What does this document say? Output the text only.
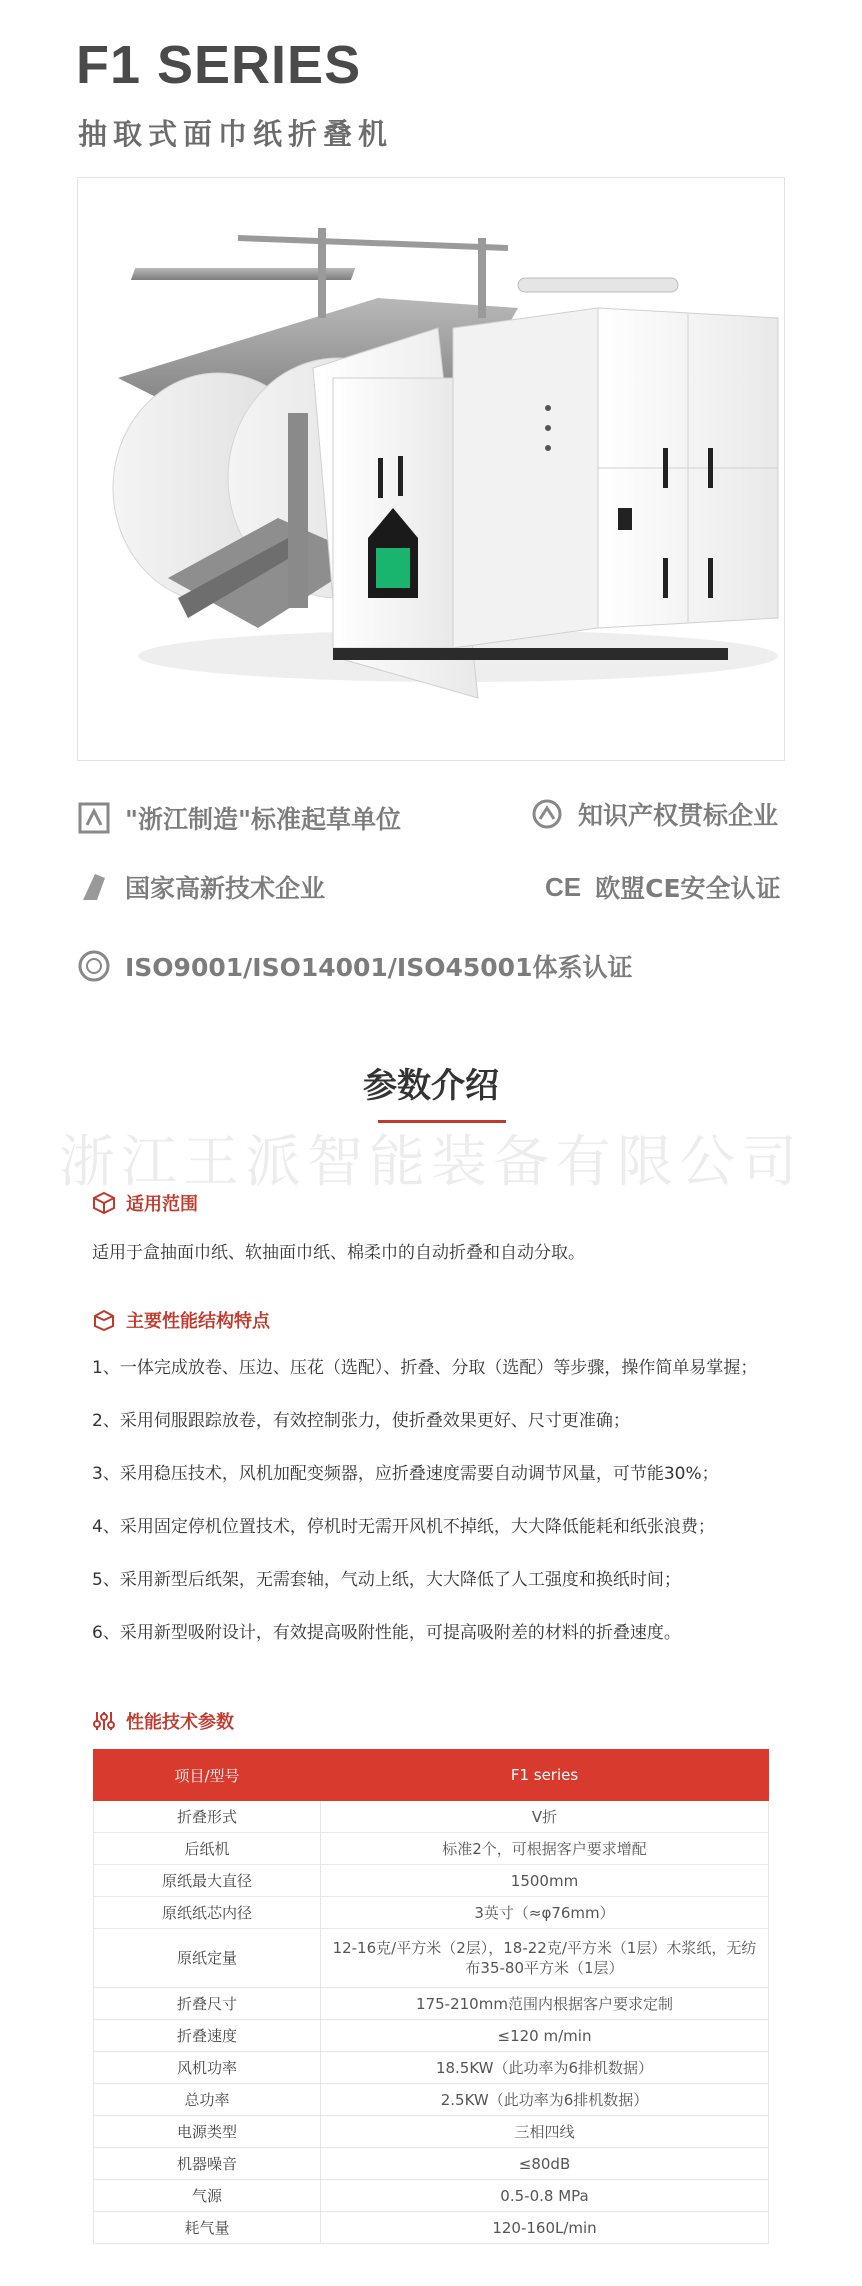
F1 SERIES
抽取式面巾纸折叠机
"浙江制造"标准起草单位	知识产权贯标企业
国家高新技术企业	CE 欧盟CE安全认证
ISO9001/ISO14001/ISO45001体系认证
参数介绍
浙江王派智能装备有限公司
适用范围
适用于盒抽面巾纸、软抽面巾纸、棉柔巾的自动折叠和自动分取。
主要性能结构特点
1、一体完成放卷、压边、压花（选配）、折叠、分取（选配）等步骤，操作简单易掌握；
2、采用伺服跟踪放卷，有效控制张力，使折叠效果更好、尺寸更准确；
3、采用稳压技术，风机加配变频器，应折叠速度需要自动调节风量，可节能30%；
4、采用固定停机位置技术，停机时无需开风机不掉纸，大大降低能耗和纸张浪费；
5、采用新型后纸架，无需套轴，气动上纸，大大降低了人工强度和换纸时间；
6、采用新型吸附设计，有效提高吸附性能，可提高吸附差的材料的折叠速度。
性能技术参数
项目/型号	F1 series
折叠形式	V折
后纸机	标准2个，可根据客户要求增配
原纸最大直径	1500mm
原纸纸芯内径	3英寸（≈φ76mm）
原纸定量	12-16克/平方米（2层），18-22克/平方米（1层）木浆纸，无纺布35-80平方米（1层）
折叠尺寸	175-210mm范围内根据客户要求定制
折叠速度	≤120 m/min
风机功率	18.5KW（此功率为6排机数据）
总功率	2.5KW（此功率为6排机数据）
电源类型	三相四线
机器噪音	≤80dB
气源	0.5-0.8 MPa
耗气量	120-160L/min
